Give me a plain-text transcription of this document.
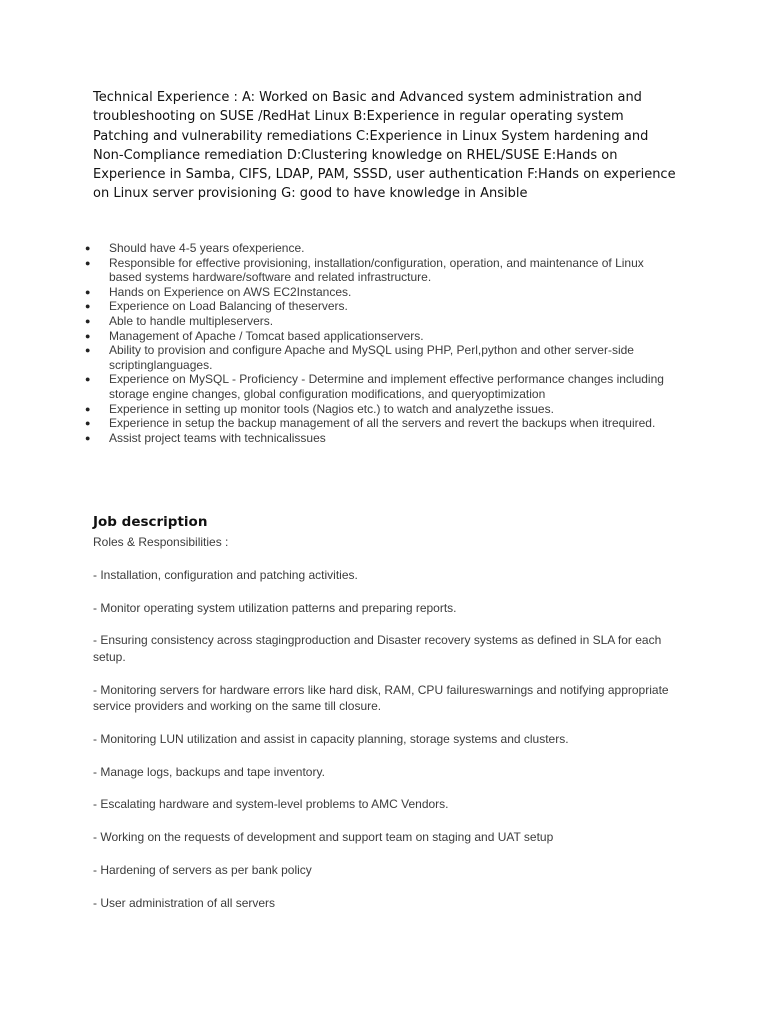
Technical Experience : A: Worked on Basic and Advanced system administration and troubleshooting on SUSE /RedHat Linux B:Experience in regular operating system Patching and vulnerability remediations C:Experience in Linux System hardening and Non-Compliance remediation D:Clustering knowledge on RHEL/SUSE E:Hands on Experience in Samba, CIFS, LDAP, PAM, SSSD, user authentication F:Hands on experience on Linux server provisioning G: good to have knowledge in Ansible

● Should have 4-5 years ofexperience.
● Responsible for effective provisioning, installation/configuration, operation, and maintenance of Linux based systems hardware/software and related infrastructure.
● Hands on Experience on AWS EC2Instances.
● Experience on Load Balancing of theservers.
● Able to handle multipleservers.
● Management of Apache / Tomcat based applicationservers.
● Ability to provision and configure Apache and MySQL using PHP, Perl,python and other server-side scriptinglanguages.
● Experience on MySQL - Proficiency - Determine and implement effective performance changes including storage engine changes, global configuration modifications, and queryoptimization
● Experience in setting up monitor tools (Nagios etc.) to watch and analyzethe issues.
● Experience in setup the backup management of all the servers and revert the backups when itrequired.
● Assist project teams with technicalissues
Job description

Roles & Responsibilities :

- Installation, configuration and patching activities.

- Monitor operating system utilization patterns and preparing reports.

- Ensuring consistency across stagingproduction and Disaster recovery systems as defined in SLA for each setup.

- Monitoring servers for hardware errors like hard disk, RAM, CPU failureswarnings and notifying appropriate service providers and working on the same till closure.

- Monitoring LUN utilization and assist in capacity planning, storage systems and clusters.

- Manage logs, backups and tape inventory.

- Escalating hardware and system-level problems to AMC Vendors.

- Working on the requests of development and support team on staging and UAT setup

- Hardening of servers as per bank policy

- User administration of all servers
